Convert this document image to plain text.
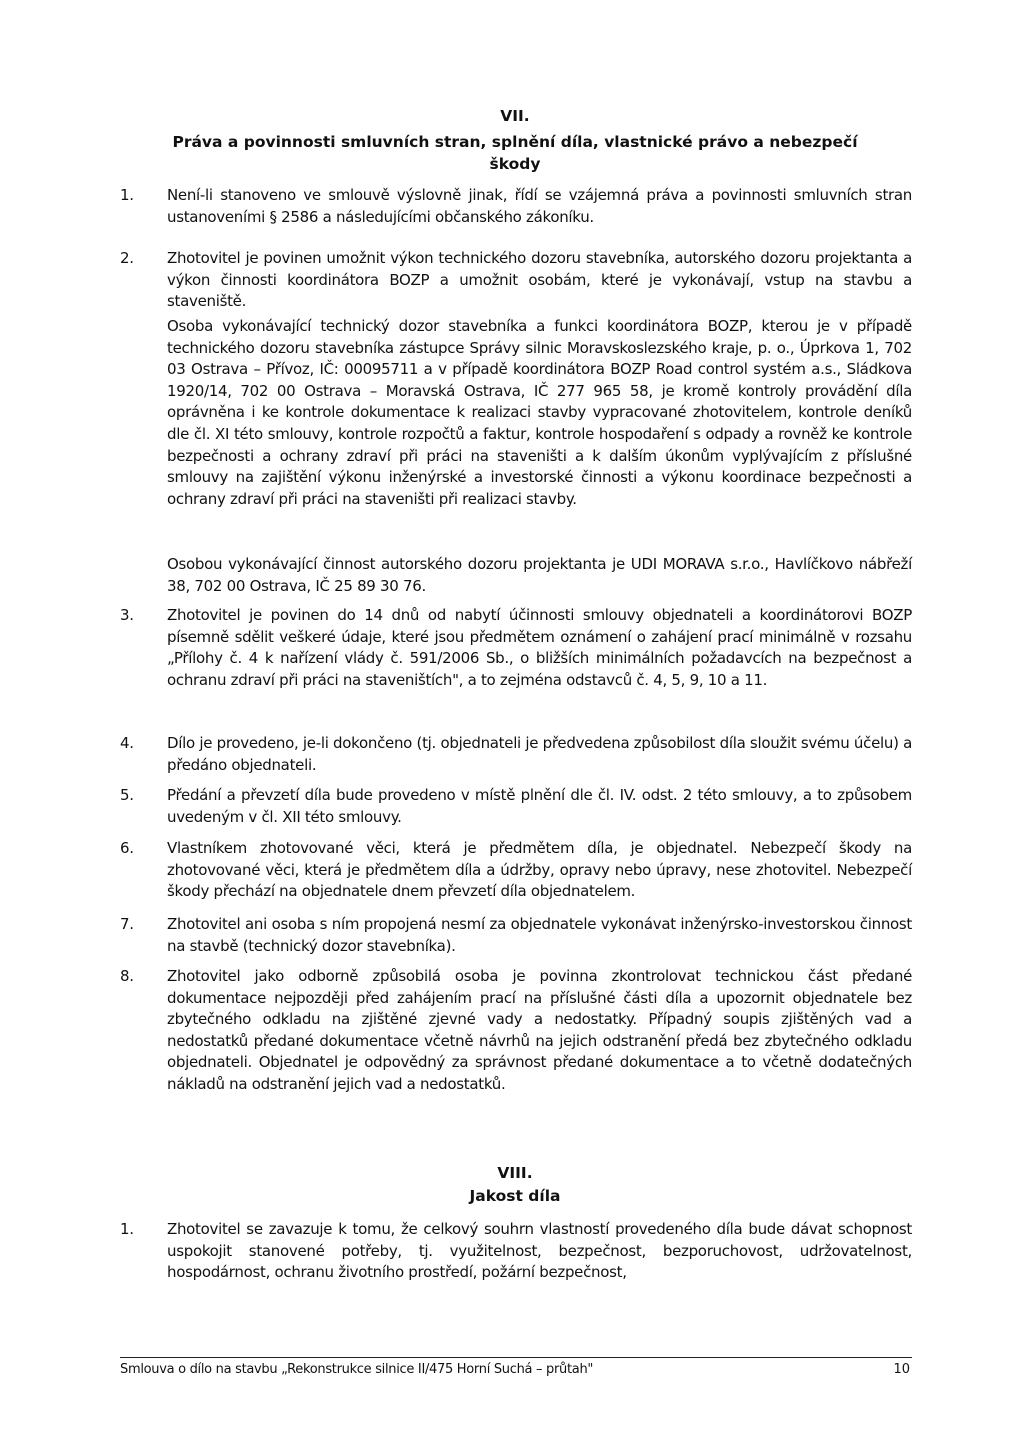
VII.
Práva a povinnosti smluvních stran, splnění díla, vlastnické právo a nebezpečí
škody
1.	Není-li stanoveno ve smlouvě výslovně jinak, řídí se vzájemná práva a povinnosti smluvních stran ustanoveními § 2586 a následujícími občanského zákoníku.
2.	Zhotovitel je povinen umožnit výkon technického dozoru stavebníka, autorského dozoru projektanta a výkon činnosti koordinátora BOZP a umožnit osobám, které je vykonávají, vstup na stavbu a staveniště.
Osoba vykonávající technický dozor stavebníka a funkci koordinátora BOZP, kterou je v případě technického dozoru stavebníka zástupce Správy silnic Moravskoslezského kraje, p. o., Úprkova 1, 702 03 Ostrava – Přívoz, IČ: 00095711 a v případě koordinátora BOZP Road control systém a.s., Sládkova 1920/14, 702 00 Ostrava – Moravská Ostrava, IČ 277 965 58, je kromě kontroly provádění díla oprávněna i ke kontrole dokumentace k realizaci stavby vypracované zhotovitelem, kontrole deníků dle čl. XI této smlouvy, kontrole rozpočtů a faktur, kontrole hospodaření s odpady a rovněž ke kontrole bezpečnosti a ochrany zdraví při práci na staveništi a k dalším úkonům vyplývajícím z příslušné smlouvy na zajištění výkonu inženýrské a investorské činnosti a výkonu koordinace bezpečnosti a ochrany zdraví při práci na staveništi při realizaci stavby.
Osobou vykonávající činnost autorského dozoru projektanta je UDI MORAVA s.r.o., Havlíčkovo nábřeží 38, 702 00 Ostrava, IČ 25 89 30 76.
3.	Zhotovitel je povinen do 14 dnů od nabytí účinnosti smlouvy objednateli a koordinátorovi BOZP písemně sdělit veškeré údaje, které jsou předmětem oznámení o zahájení prací minimálně v rozsahu „Přílohy č. 4 k nařízení vlády č. 591/2006 Sb., o bližších minimálních požadavcích na bezpečnost a ochranu zdraví při práci na staveništích", a to zejména odstavců č. 4, 5, 9, 10 a 11.
4.	Dílo je provedeno, je-li dokončeno (tj. objednateli je předvedena způsobilost díla sloužit svému účelu) a předáno objednateli.
5.	Předání a převzetí díla bude provedeno v místě plnění dle čl. IV. odst. 2 této smlouvy, a to způsobem uvedeným v čl. XII této smlouvy.
6.	Vlastníkem zhotovované věci, která je předmětem díla, je objednatel. Nebezpečí škody na zhotovované věci, která je předmětem díla a údržby, opravy nebo úpravy, nese zhotovitel. Nebezpečí škody přechází na objednatele dnem převzetí díla objednatelem.
7.	Zhotovitel ani osoba s ním propojená nesmí za objednatele vykonávat inženýrsko-investorskou činnost na stavbě (technický dozor stavebníka).
8.	Zhotovitel jako odborně způsobilá osoba je povinna zkontrolovat technickou část předané dokumentace nejpozději před zahájením prací na příslušné části díla a upozornit objednatele bez zbytečného odkladu na zjištěné zjevné vady a nedostatky. Případný soupis zjištěných vad a nedostatků předané dokumentace včetně návrhů na jejich odstranění předá bez zbytečného odkladu objednateli. Objednatel je odpovědný za správnost předané dokumentace a to včetně dodatečných nákladů na odstranění jejich vad a nedostatků.
VIII.
Jakost díla
1.	Zhotovitel se zavazuje k tomu, že celkový souhrn vlastností provedeného díla bude dávat schopnost uspokojit stanovené potřeby, tj. využitelnost, bezpečnost, bezporuchovost, udržovatelnost, hospodárnost, ochranu životního prostředí, požární bezpečnost,
Smlouva o dílo na stavbu „Rekonstrukce silnice II/475 Horní Suchá – průtah"	10
